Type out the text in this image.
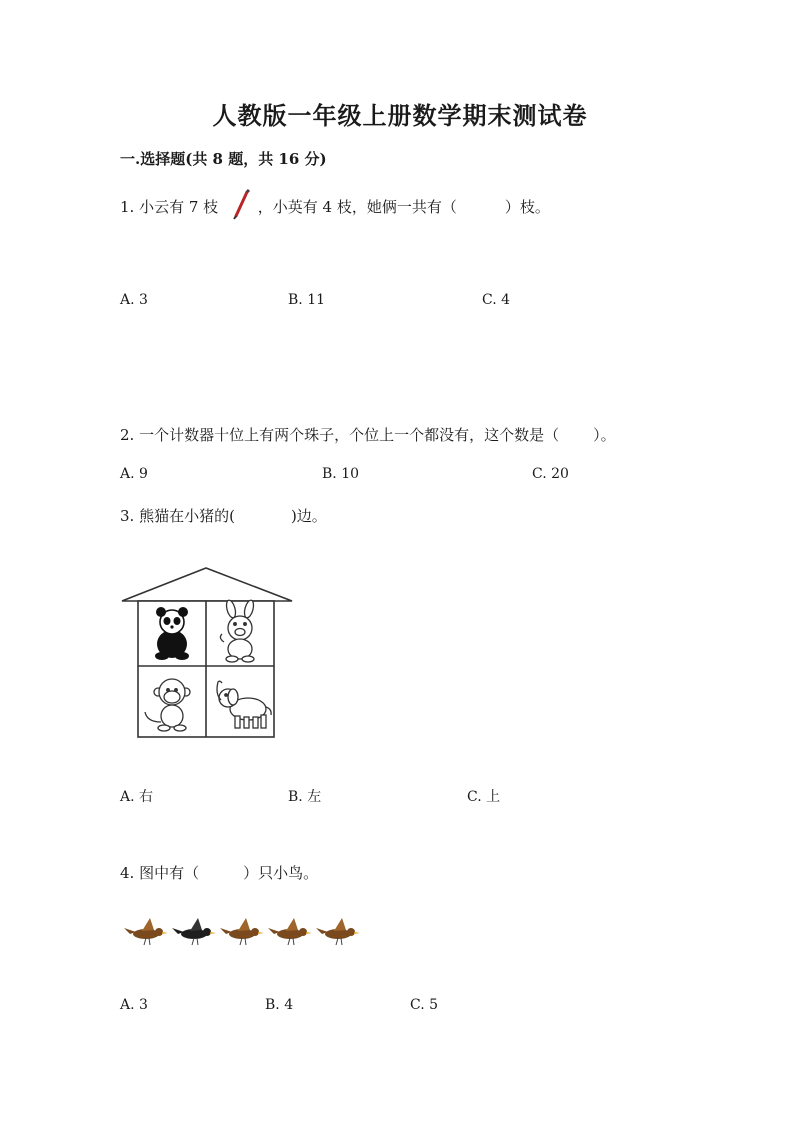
人教版一年级上册数学期末测试卷
一.选择题(共 8 题，共 16 分)
1. 小云有 7 枝	，小英有 4 枝，她俩一共有（	）枝。
A. 3	B. 11	C. 4
2. 一个计数器十位上有两个珠子，个位上一个都没有，这个数是（ ）。
A. 9	B. 10	C. 20
3. 熊猫在小猪的(	)边。
A. 右	B. 左	C. 上
4. 图中有（	）只小鸟。
A. 3	B. 4	C. 5
